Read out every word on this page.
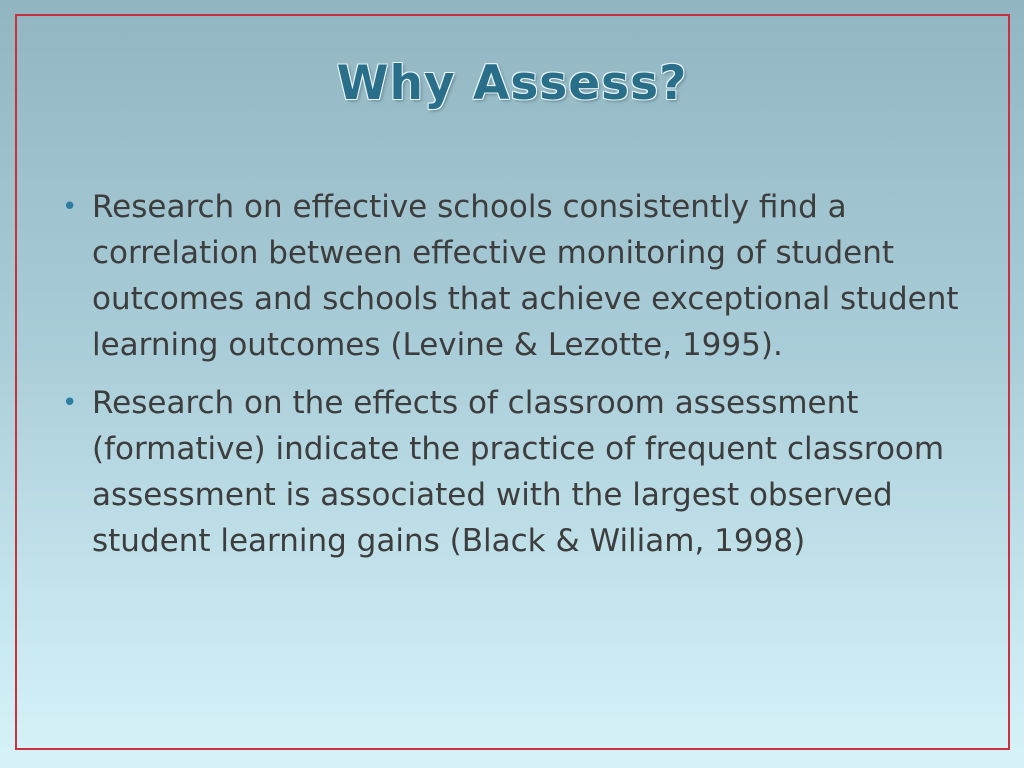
Why Assess?
• Research on effective schools consistently find a correlation between effective monitoring of student outcomes and schools that achieve exceptional student learning outcomes (Levine & Lezotte, 1995).
• Research on the effects of classroom assessment (formative) indicate the practice of frequent classroom assessment is associated with the largest observed student learning gains (Black & Wiliam, 1998)
